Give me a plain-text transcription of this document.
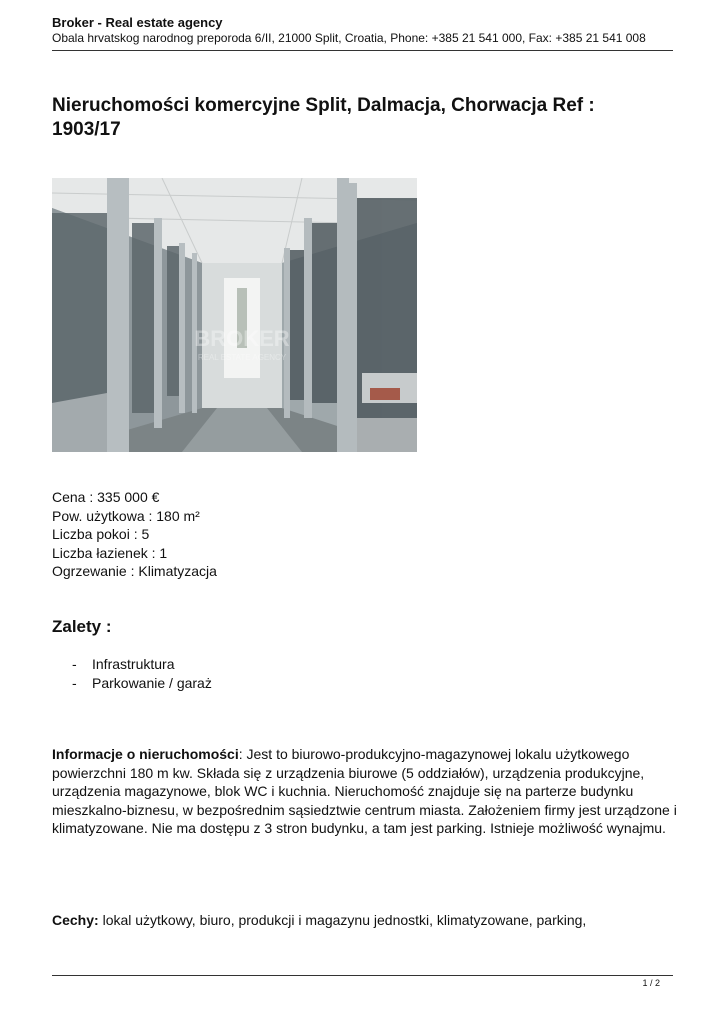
Broker - Real estate agency
Obala hrvatskog narodnog preporoda 6/II, 21000 Split, Croatia, Phone: +385 21 541 000, Fax: +385 21 541 008
Nieruchomości komercyjne Split, Dalmacja, Chorwacja Ref : 1903/17
BROKER
REAL ESTATE AGENCY
Cena : 335 000 €
Pow. użytkowa : 180 m²
Liczba pokoi : 5
Liczba łazienek : 1
Ogrzewanie : Klimatyzacja
Zalety :
- Infrastruktura
- Parkowanie / garaż
Informacje o nieruchomości: Jest to biurowo-produkcyjno-magazynowej lokalu użytkowego powierzchni 180 m kw. Składa się z urządzenia biurowe (5 oddziałów), urządzenia produkcyjne, urządzenia magazynowe, blok WC i kuchnia. Nieruchomość znajduje się na parterze budynku mieszkalno-biznesu, w bezpośrednim sąsiedztwie centrum miasta. Założeniem firmy jest urządzone i klimatyzowane. Nie ma dostępu z 3 stron budynku, a tam jest parking. Istnieje możliwość wynajmu.
Cechy: lokal użytkowy, biuro, produkcji i magazynu jednostki, klimatyzowane, parking,
1 / 2
